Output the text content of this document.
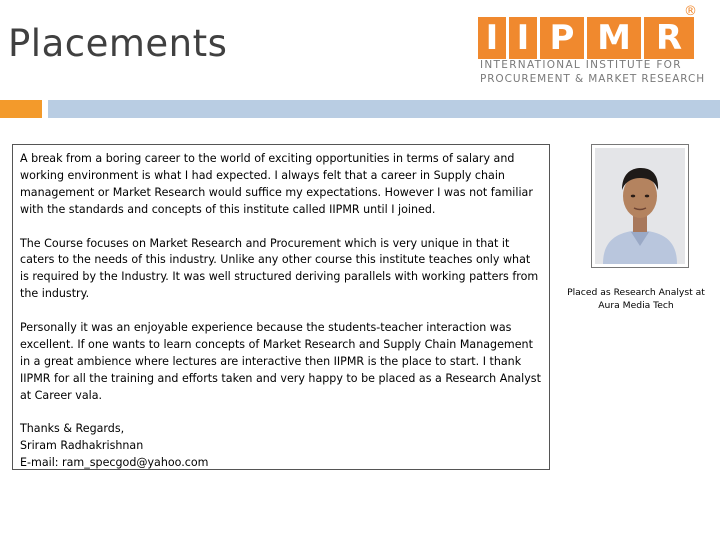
Placements	I I P M R
®
INTERNATIONAL INSTITUTE FOR
PROCUREMENT & MARKET RESEARCH

A break from a boring career to the world of exciting opportunities in terms of salary and working environment is what I had expected. I always felt that a career in Supply chain management or Market Research would suffice my expectations. However I was not familiar with the standards and concepts of this institute called IIPMR until I joined.

The Course focuses on Market Research and Procurement which is very unique in that it caters to the needs of this industry. Unlike any other course this institute teaches only what is required by the Industry. It was well structured deriving parallels with working patters from the industry.

Personally it was an enjoyable experience because the students-teacher interaction was excellent. If one wants to learn concepts of Market Research and Supply Chain Management in a great ambience where lectures are interactive then IIPMR is the place to start. I thank IIPMR for all the training and efforts taken and very happy to be placed as a Research Analyst at Career vala.

Thanks & Regards,
Sriram Radhakrishnan
E-mail: ram_specgod@yahoo.com

Placed as Research Analyst at
Aura Media Tech
